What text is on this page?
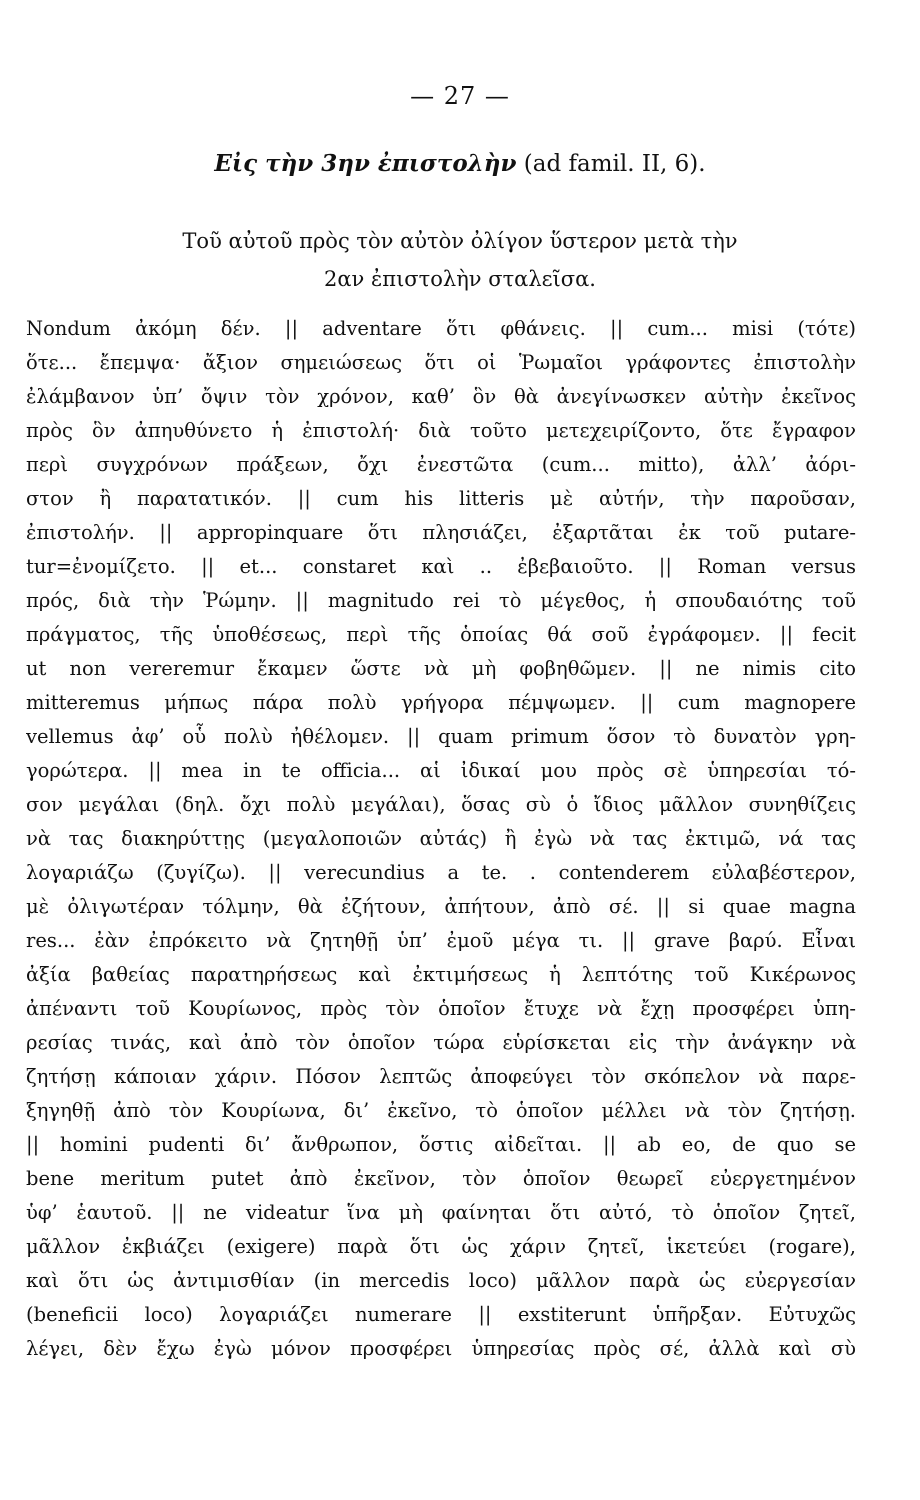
— 27 —
Εἰς τὴν 3ην ἐπιστολὴν (ad famil. II, 6).
Τοῦ αὐτοῦ πρὸς τὸν αὐτὸν ὀλίγον ὕστερον μετὰ τὴν
2αν ἐπιστολὴν σταλεῖσα.
Nondum ἀκόμη δέν. || adventare ὅτι φθάνεις. || cum... misi (τότε)
ὅτε... ἔπεμψα· ἄξιον σημειώσεως ὅτι οἱ Ῥωμαῖοι γράφοντες ἐπιστολὴν
ἐλάμβανον ὑπ’ ὄψιν τὸν χρόνον, καθ’ ὃν θὰ ἀνεγίνωσκεν αὐτὴν ἐκεῖνος
πρὸς ὃν ἀπηυθύνετο ἡ ἐπιστολή· διὰ τοῦτο μετεχειρίζοντο, ὅτε ἔγραφον
περὶ συγχρόνων πράξεων, ὄχι ἐνεστῶτα (cum... mitto), ἀλλ’ ἀόρι-
στον ἢ παρατατικόν. || cum his litteris μὲ αὐτήν, τὴν παροῦσαν,
ἐπιστολήν. || appropinquare ὅτι πλησιάζει, ἐξαρτᾶται ἐκ τοῦ putare-
tur=ἐνομίζετο. || et... constaret καὶ .. ἐβεβαιοῦτο. || Roman versus
πρός, διὰ τὴν Ῥώμην. || magnitudo rei τὸ μέγεθος, ἡ σπουδαιότης τοῦ
πράγματος, τῆς ὑποθέσεως, περὶ τῆς ὁποίας θά σοῦ ἐγράφομεν. || fecit
ut non vereremur ἔκαμεν ὥστε νὰ μὴ φοβηθῶμεν. || ne nimis cito
mitteremus μήπως πάρα πολὺ γρήγορα πέμψωμεν. || cum magnopere
vellemus ἀφ’ οὗ πολὺ ἠθέλομεν. || quam primum ὅσον τὸ δυνατὸν γρη-
γορώτερα. || mea in te officia... αἱ ἰδικαί μου πρὸς σὲ ὑπηρεσίαι τό-
σον μεγάλαι (δηλ. ὄχι πολὺ μεγάλαι), ὅσας σὺ ὁ ἴδιος μᾶλλον συνηθίζεις
νὰ τας διακηρύττῃς (μεγαλοποιῶν αὐτάς) ἢ ἐγὼ νὰ τας ἐκτιμῶ, νά τας
λογαριάζω (ζυγίζω). || verecundius a te. . contenderem εὐλαβέστερον,
μὲ ὀλιγωτέραν τόλμην, θὰ ἐζήτουν, ἀπήτουν, ἀπὸ σέ. || si quae magna
res... ἐὰν ἐπρόκειτο νὰ ζητηθῇ ὑπ’ ἐμοῦ μέγα τι. || grave βαρύ. Εἶναι
ἀξία βαθείας παρατηρήσεως καὶ ἐκτιμήσεως ἡ λεπτότης τοῦ Κικέρωνος
ἀπέναντι τοῦ Κουρίωνος, πρὸς τὸν ὁποῖον ἔτυχε νὰ ἔχῃ προσφέρει ὑπη-
ρεσίας τινάς, καὶ ἀπὸ τὸν ὁποῖον τώρα εὑρίσκεται εἰς τὴν ἀνάγκην νὰ
ζητήσῃ κάποιαν χάριν. Πόσον λεπτῶς ἀποφεύγει τὸν σκόπελον νὰ παρε-
ξηγηθῇ ἀπὸ τὸν Κουρίωνα, δι’ ἐκεῖνο, τὸ ὁποῖον μέλλει νὰ τὸν ζητήσῃ.
|| homini pudenti δι’ ἄνθρωπον, ὅστις αἰδεῖται. || ab eo, de quo se
bene meritum putet ἀπὸ ἐκεῖνον, τὸν ὁποῖον θεωρεῖ εὐεργετημένον
ὑφ’ ἑαυτοῦ. || ne videatur ἵνα μὴ φαίνηται ὅτι αὐτό, τὸ ὁποῖον ζητεῖ,
μᾶλλον ἐκβιάζει (exigere) παρὰ ὅτι ὡς χάριν ζητεῖ, ἱκετεύει (rogare),
καὶ ὅτι ὡς ἀντιμισθίαν (in mercedis loco) μᾶλλον παρὰ ὡς εὐεργεσίαν
(beneficii loco) λογαριάζει numerare || exstiterunt ὑπῆρξαν. Εὐτυχῶς
λέγει, δὲν ἔχω ἐγὼ μόνον προσφέρει ὑπηρεσίας πρὸς σέ, ἀλλὰ καὶ σὺ
